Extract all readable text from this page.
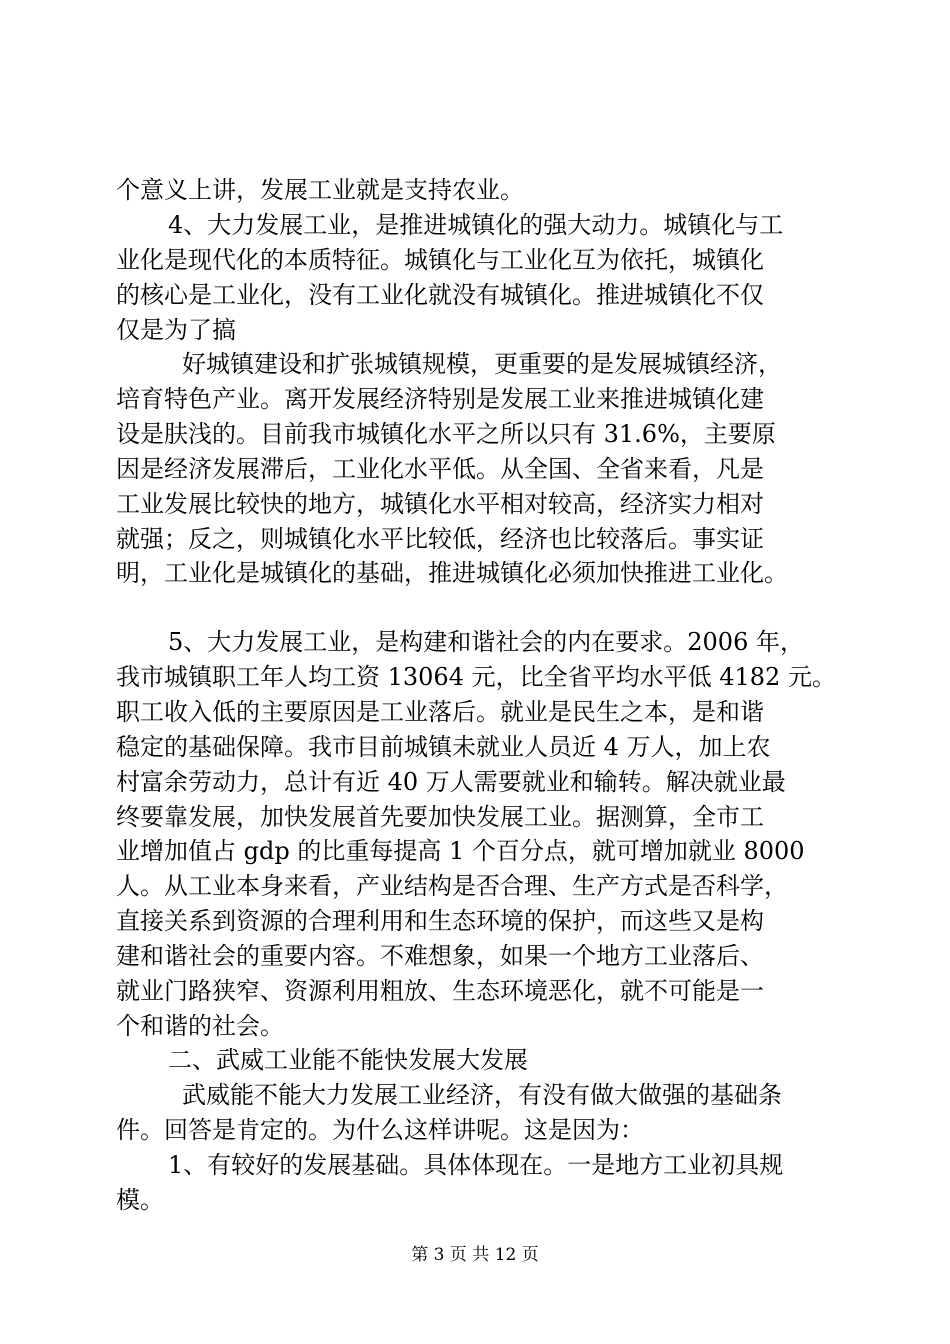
个意义上讲，发展工业就是支持农业。
4、大力发展工业，是推进城镇化的强大动力。城镇化与工
业化是现代化的本质特征。城镇化与工业化互为依托，城镇化
的核心是工业化，没有工业化就没有城镇化。推进城镇化不仅
仅是为了搞
好城镇建设和扩张城镇规模，更重要的是发展城镇经济，
培育特色产业。离开发展经济特别是发展工业来推进城镇化建
设是肤浅的。目前我市城镇化水平之所以只有 31.6%，主要原
因是经济发展滞后，工业化水平低。从全国、全省来看，凡是
工业发展比较快的地方，城镇化水平相对较高，经济实力相对
就强；反之，则城镇化水平比较低，经济也比较落后。事实证
明，工业化是城镇化的基础，推进城镇化必须加快推进工业化。
5、大力发展工业，是构建和谐社会的内在要求。2006 年，
我市城镇职工年人均工资 13064 元，比全省平均水平低 4182 元。
职工收入低的主要原因是工业落后。就业是民生之本，是和谐
稳定的基础保障。我市目前城镇未就业人员近 4 万人，加上农
村富余劳动力，总计有近 40 万人需要就业和输转。解决就业最
终要靠发展，加快发展首先要加快发展工业。据测算，全市工
业增加值占 gdp 的比重每提高 1 个百分点，就可增加就业 8000
人。从工业本身来看，产业结构是否合理、生产方式是否科学，
直接关系到资源的合理利用和生态环境的保护，而这些又是构
建和谐社会的重要内容。不难想象，如果一个地方工业落后、
就业门路狭窄、资源利用粗放、生态环境恶化，就不可能是一
个和谐的社会。
二、武威工业能不能快发展大发展
武威能不能大力发展工业经济，有没有做大做强的基础条
件。回答是肯定的。为什么这样讲呢。这是因为：
1、有较好的发展基础。具体体现在。一是地方工业初具规
模。
第 3 页 共 12 页
